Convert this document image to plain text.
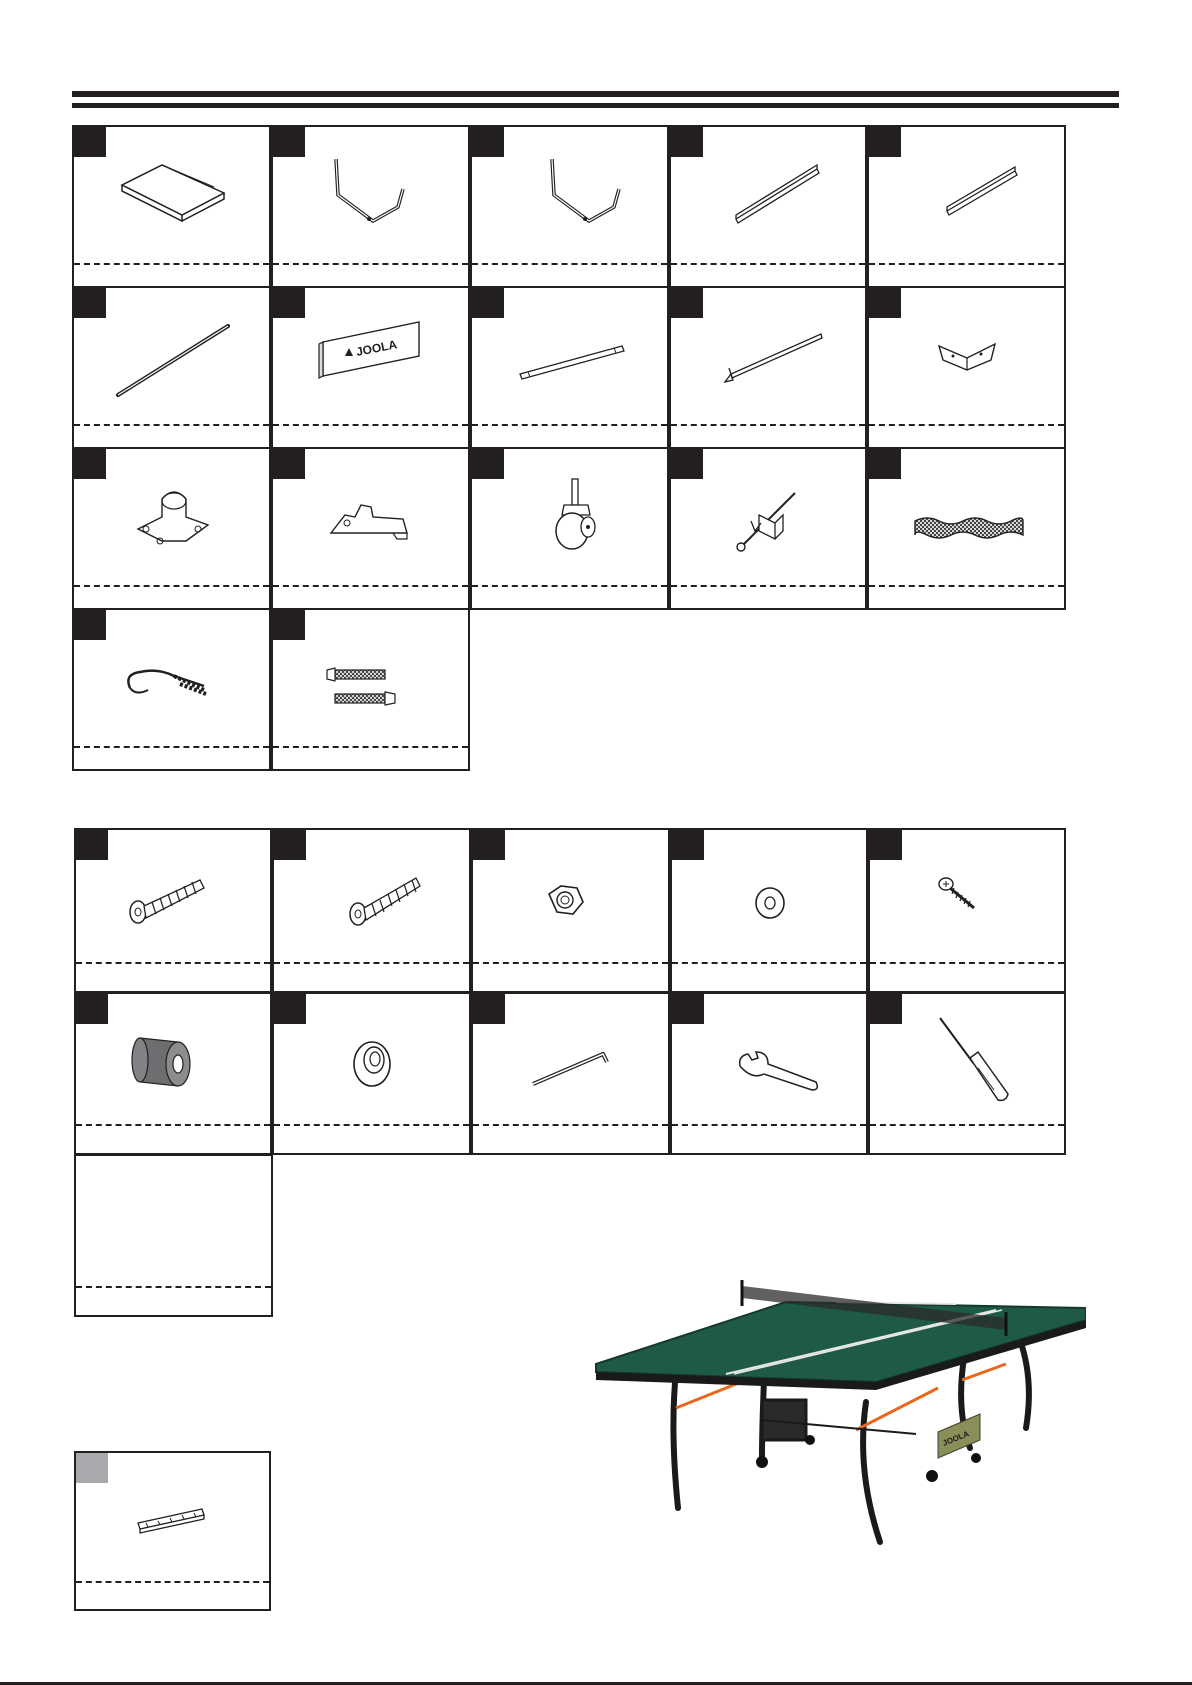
JOOLA
JOOLA
